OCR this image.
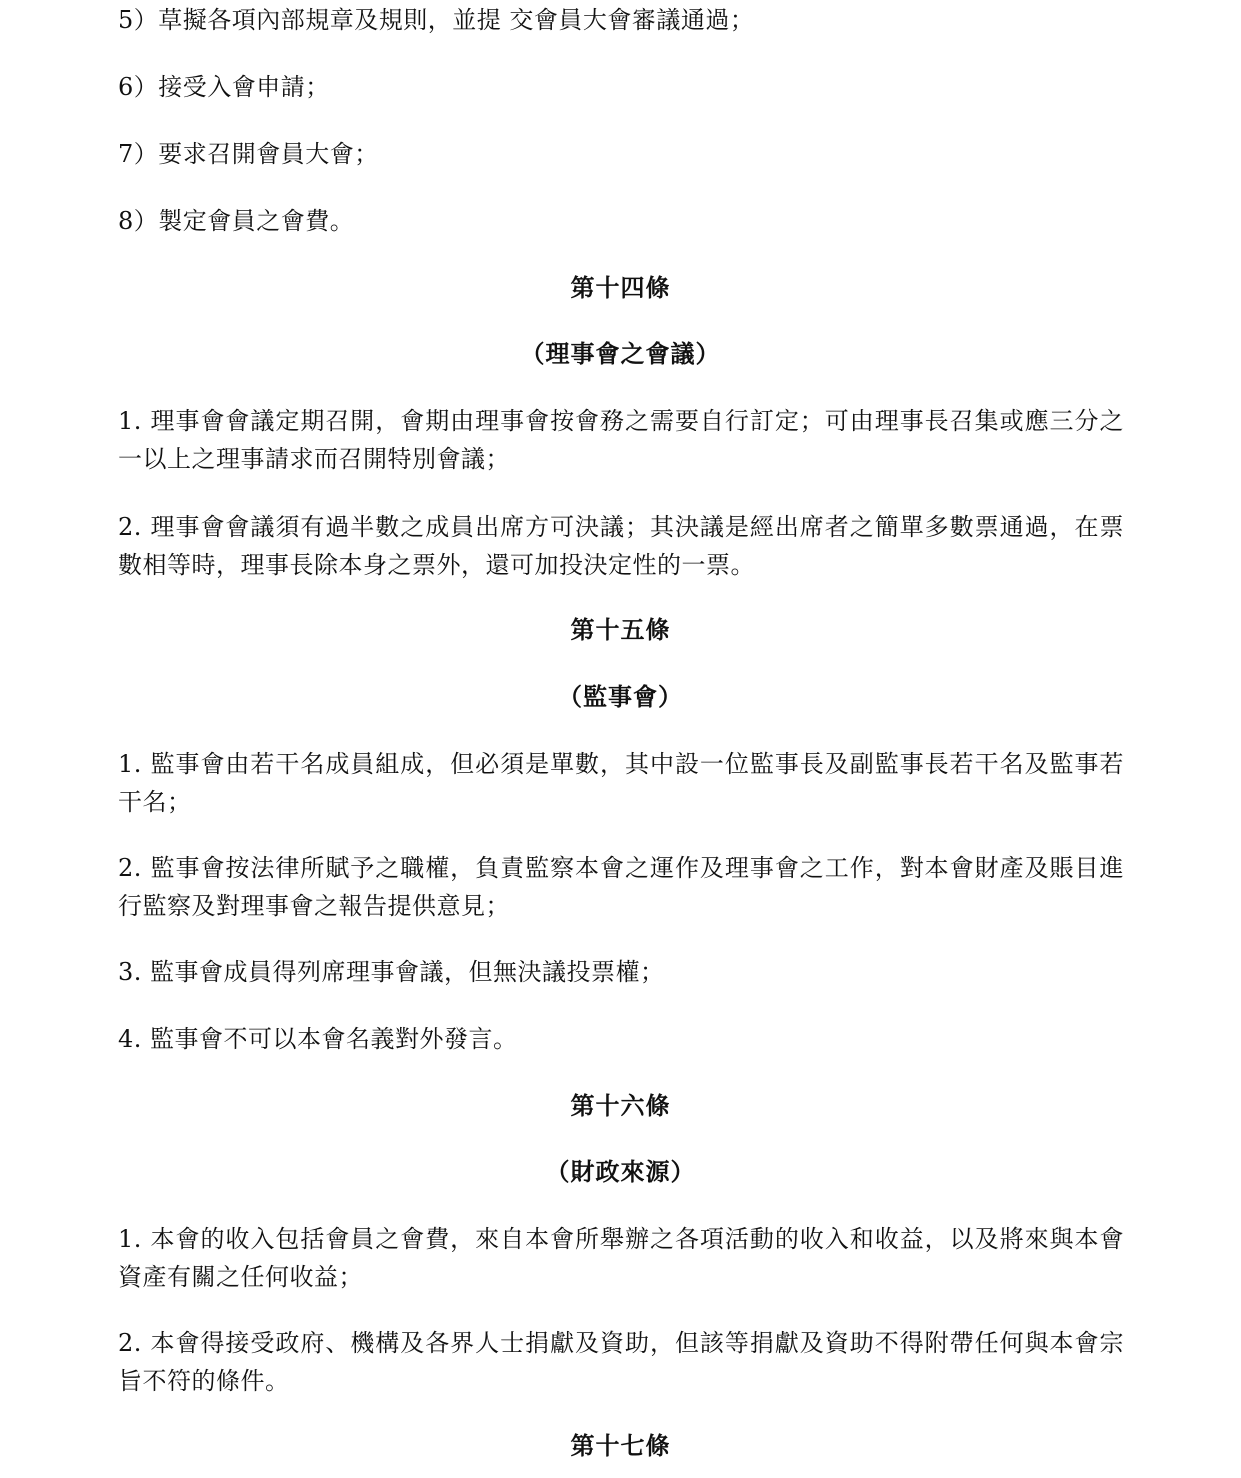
5）草擬各項內部規章及規則，並提 交會員大會審議通過；
6）接受入會申請；
7）要求召開會員大會；
8）製定會員之會費。
第十四條
（理事會之會議）
1. 理事會會議定期召開，會期由理事會按會務之需要自行訂定；可由理事長召集或應三分之一以上之理事請求而召開特別會議；
2. 理事會會議須有過半數之成員出席方可決議；其決議是經出席者之簡單多數票通過，在票數相等時，理事長除本身之票外，還可加投決定性的一票。
第十五條
（監事會）
1. 監事會由若干名成員組成，但必須是單數，其中設一位監事長及副監事長若干名及監事若干名；
2. 監事會按法律所賦予之職權，負責監察本會之運作及理事會之工作，對本會財產及賬目進行監察及對理事會之報告提供意見；
3. 監事會成員得列席理事會議，但無決議投票權；
4. 監事會不可以本會名義對外發言。
第十六條
（財政來源）
1. 本會的收入包括會員之會費，來自本會所舉辦之各項活動的收入和收益，以及將來與本會資產有關之任何收益；
2. 本會得接受政府、機構及各界人士捐獻及資助，但該等捐獻及資助不得附帶任何與本會宗旨不符的條件。
第十七條
